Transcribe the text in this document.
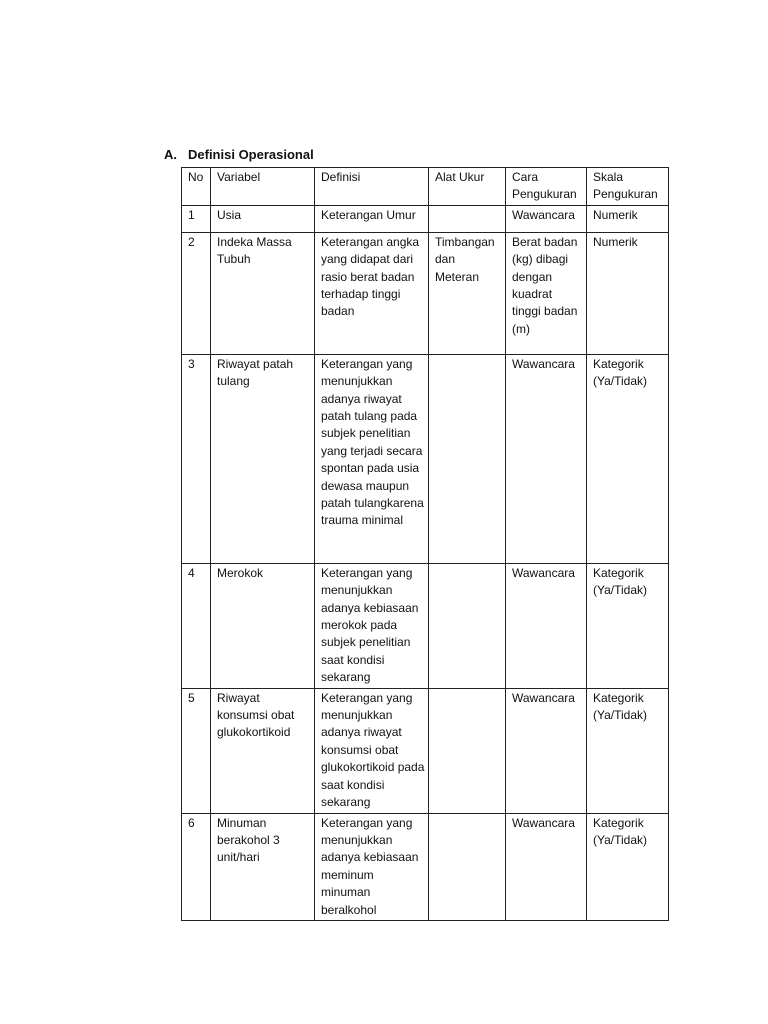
A. Definisi Operasional
No	Variabel	Definisi	Alat Ukur	Cara Pengukuran	Skala Pengukuran
1	Usia	Keterangan Umur		Wawancara	Numerik
2	Indeka Massa Tubuh	Keterangan angka yang didapat dari rasio berat badan terhadap tinggi badan	Timbangan dan Meteran	Berat badan (kg) dibagi dengan kuadrat tinggi badan (m)	Numerik
3	Riwayat patah tulang	Keterangan yang menunjukkan adanya riwayat patah tulang pada subjek penelitian yang terjadi secara spontan pada usia dewasa maupun patah tulangkarena trauma minimal		Wawancara	Kategorik (Ya/Tidak)
4	Merokok	Keterangan yang menunjukkan adanya kebiasaan merokok pada subjek penelitian saat kondisi sekarang		Wawancara	Kategorik (Ya/Tidak)
5	Riwayat konsumsi obat glukokortikoid	Keterangan yang menunjukkan adanya riwayat konsumsi obat glukokortikoid pada saat kondisi sekarang		Wawancara	Kategorik (Ya/Tidak)
6	Minuman berakohol 3 unit/hari	Keterangan yang menunjukkan adanya kebiasaan meminum minuman beralkohol		Wawancara	Kategorik (Ya/Tidak)
